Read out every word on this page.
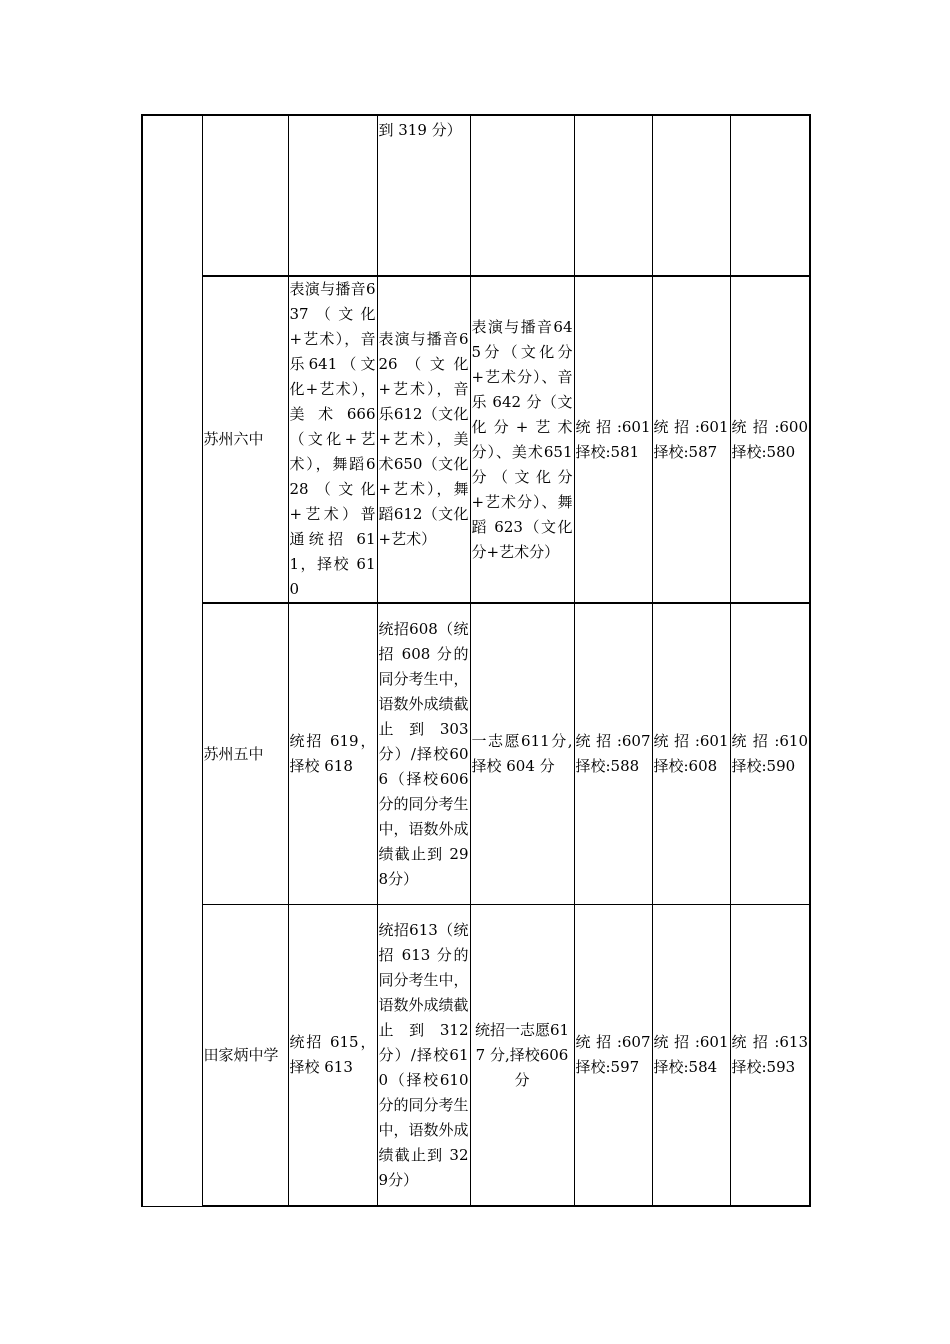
			到 319 分）				
	苏州六中	表演与播音637（文化+艺术），音乐641（文化+艺术），美术666（文化+艺术），舞蹈628（文化+艺术）普通统招 611，择校 610	表演与播音626（文化+艺术），音乐612（文化+艺术），美术650（文化+艺术），舞蹈612（文化+艺术）	表演与播音645分（文化分+艺术分）、音乐 642 分（文化分+艺术分）、美术651分（文化分+艺术分）、舞蹈 623（文化分+艺术分）	统招:601 择校:581	统招:601 择校:587	统招:600 择校:580
	苏州五中	统招 619，择校 618	统招608（统招 608 分的同分考生中，语数外成绩截止到303分）/择校606（择校606 分的同分考生中，语数外成绩截止到 298分）	一志愿611分,择校 604 分	统招:607 择校:588	统招:601 择校:608	统招:610 择校:590
	田家炳中学	统招 615，择校 613	统招613（统招 613 分的同分考生中，语数外成绩截止到312分）/择校610（择校610 分的同分考生中，语数外成绩截止到 329分）	统招一志愿617 分,择校606 分	统招:607 择校:597	统招:601 择校:584	统招:613 择校:593
